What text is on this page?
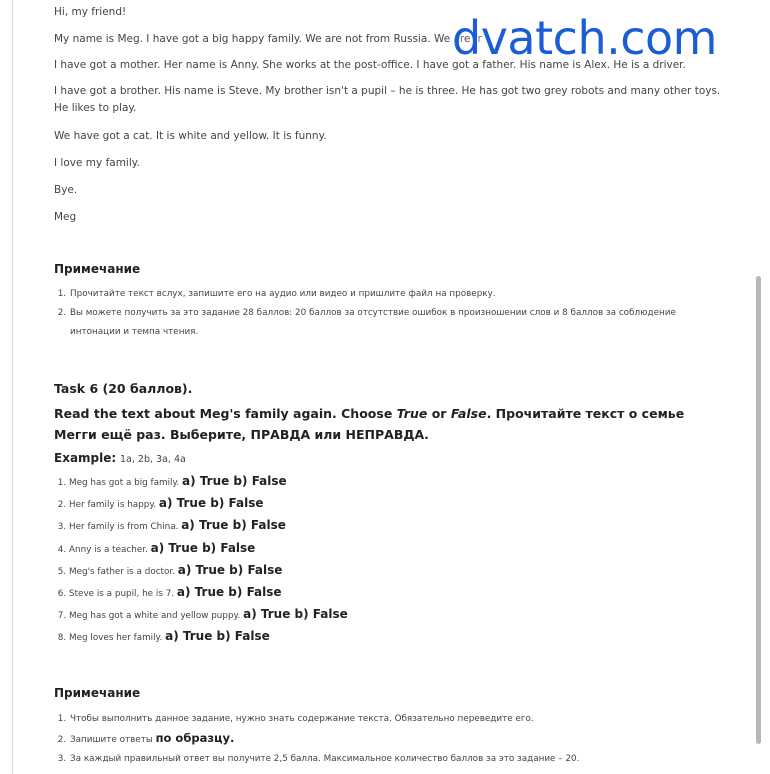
Hi, my friend!

My name is Meg. I have got a big happy family. We are not from Russia. We are fr

I have got a mother. Her name is Anny. She works at the post-office. I have got a father. His name is Alex. He is a driver.

I have got a brother. His name is Steve. My brother isn't a pupil – he is three. He has got two grey robots and many other toys. He likes to play.

We have got a cat. It is white and yellow. It is funny.

I love my family.

Bye.

Meg

Примечание

1. Прочитайте текст вслух, запишите его на аудио или видео и пришлите файл на проверку.
2. Вы можете получить за это задание 28 баллов: 20 баллов за отсутствие ошибок в произношении слов и 8 баллов за соблюдение интонации и темпа чтения.

Task 6 (20 баллов).

Read the text about Meg's family again. Choose True or False. Прочитайте текст о семье Мегги ещё раз. Выберите, ПРАВДА или НЕПРАВДА.

Example: 1a, 2b, 3a, 4a

1. Meg has got a big family. a) True b) False
2. Her family is happy. a) True b) False
3. Her family is from China. a) True b) False
4. Anny is a teacher. a) True b) False
5. Meg's father is a doctor. a) True b) False
6. Steve is a pupil, he is 7. a) True b) False
7. Meg has got a white and yellow puppy. a) True b) False
8. Meg loves her family. a) True b) False

Примечание

1. Чтобы выполнить данное задание, нужно знать содержание текста. Обязательно переведите его.
2. Запишите ответы по образцу.
3. За каждый правильный ответ вы получите 2,5 балла. Максимальное количество баллов за это задание – 20.
dvatch.com
